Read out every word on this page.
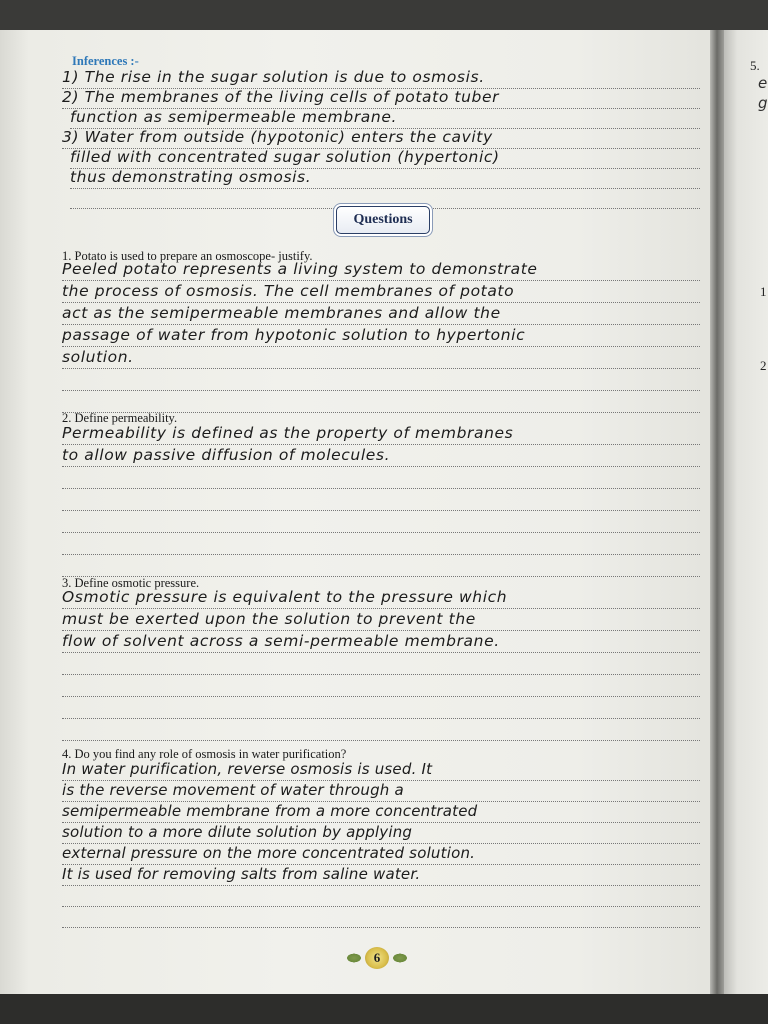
Inferences :-
1) The rise in the sugar solution is due to osmosis.
2) The membranes of the living cells of potato tuber
function as semipermeable membrane.
3) Water from outside (hypotonic) enters the cavity
filled with concentrated sugar solution (hypertonic)
thus demonstrating osmosis.
Questions
1. Potato is used to prepare an osmoscope- justify.
Peeled potato represents a living system to demonstrate
the process of osmosis. The cell membranes of potato
act as the semipermeable membranes and allow the
passage of water from hypotonic solution to hypertonic
solution.
2. Define permeability.
Permeability is defined as the property of membranes
to allow passive diffusion of molecules.
3. Define osmotic pressure.
Osmotic pressure is equivalent to the pressure which
must be exerted upon the solution to prevent the
flow of solvent across a semi-permeable membrane.
4. Do you find any role of osmosis in water purification?
In water purification, reverse osmosis is used. It
is the reverse movement of water through a
semipermeable membrane from a more concentrated
solution to a more dilute solution by applying
external pressure on the more concentrated solution.
It is used for removing salts from saline water.
6
5.
e
g
1
2
